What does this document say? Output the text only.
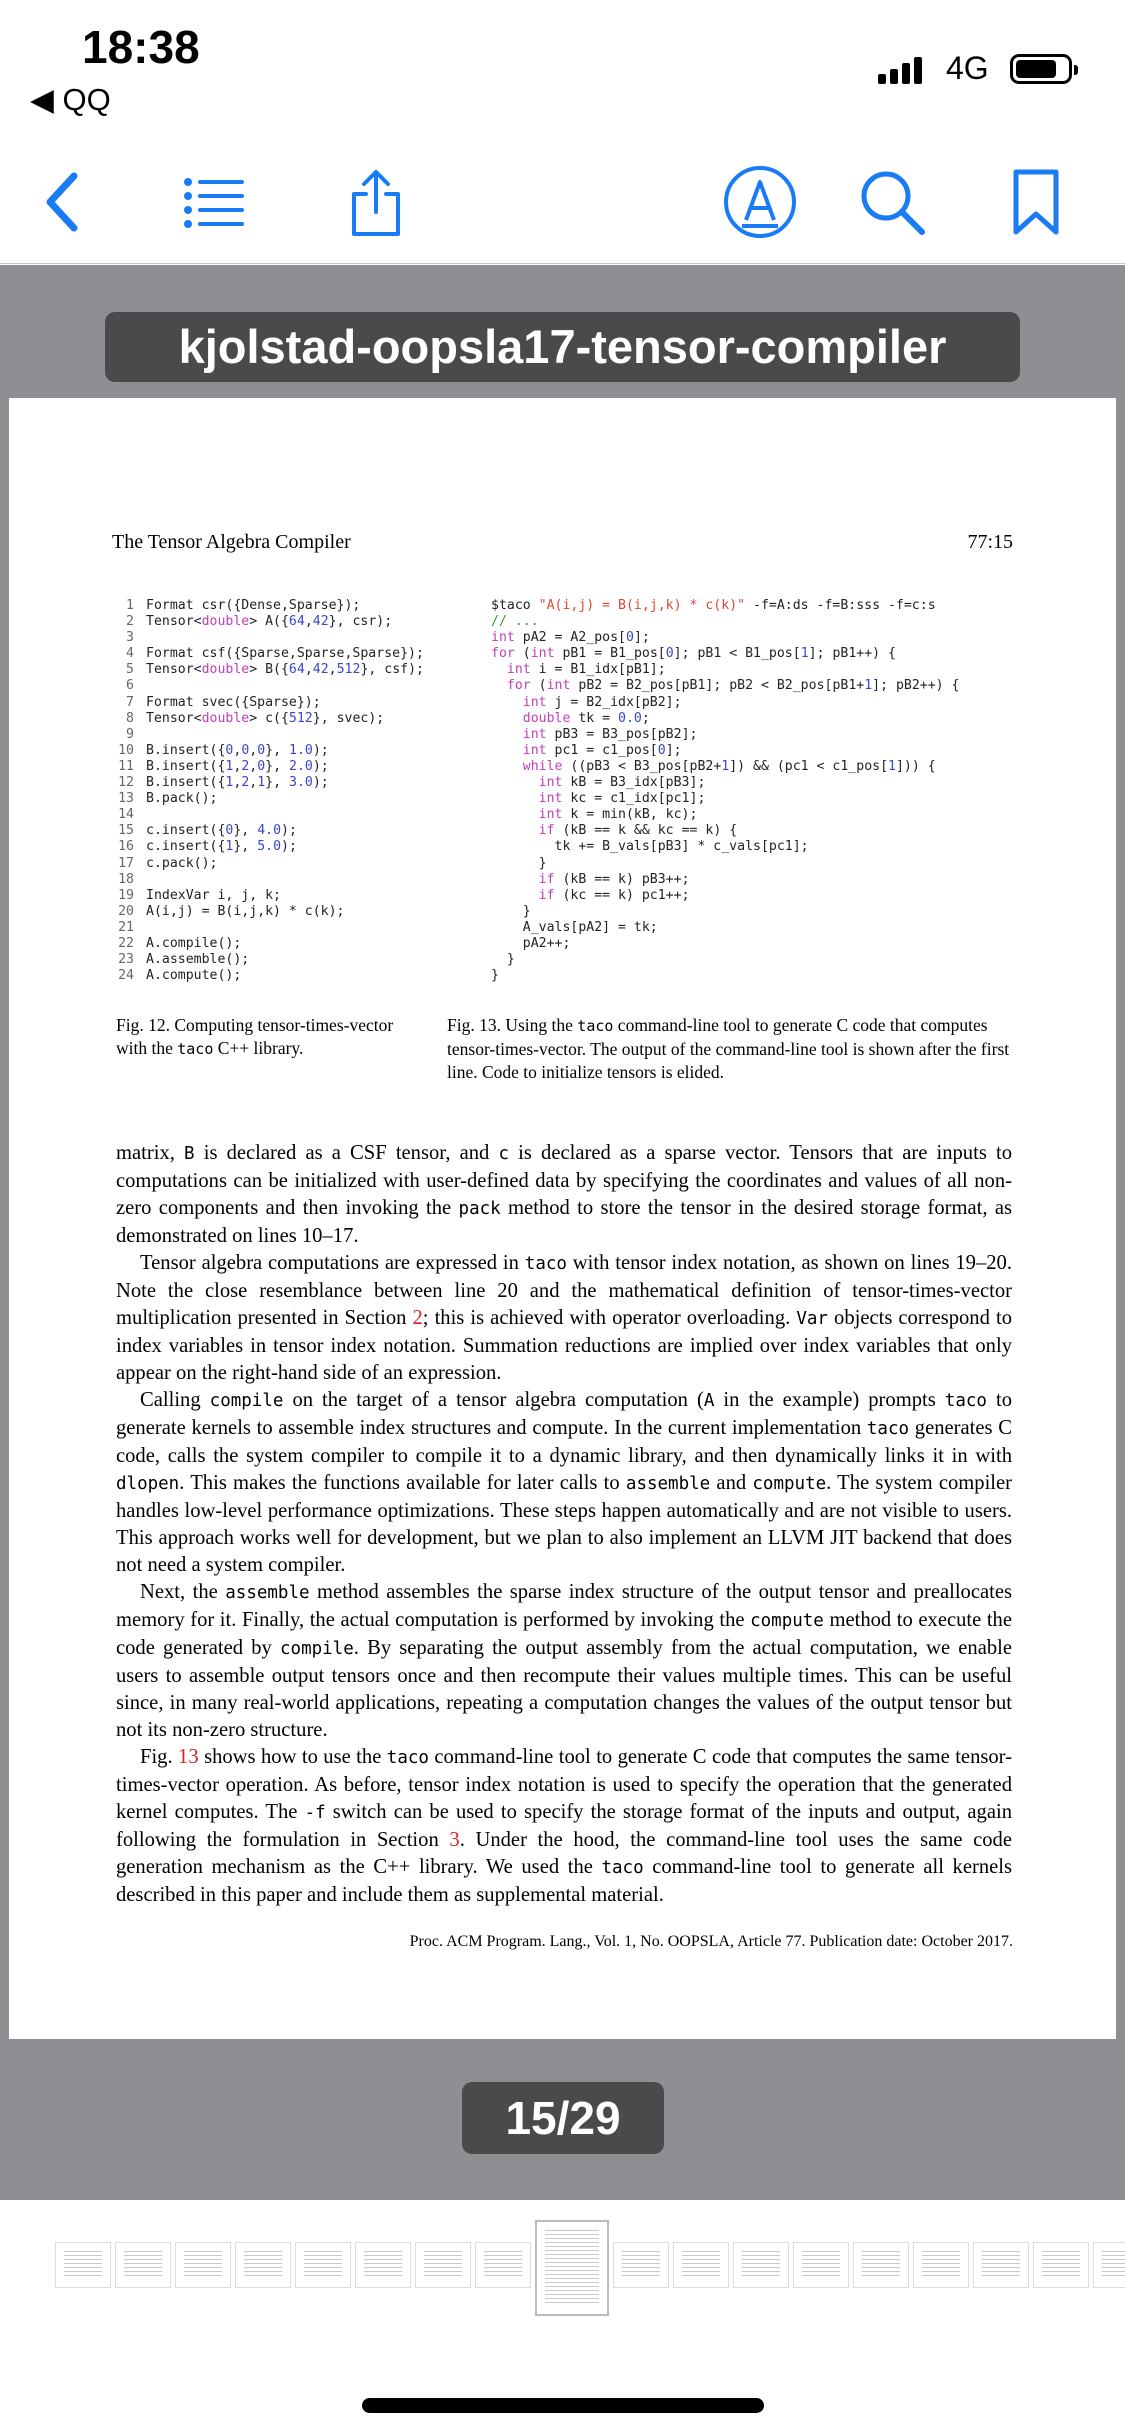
18:38
◀ QQ
4G
kjolstad-oopsla17-tensor-compiler
The Tensor Algebra Compiler	77:15
1 Format csr({Dense,Sparse});
2 Tensor<double> A({64,42}, csr);
3
4 Format csf({Sparse,Sparse,Sparse});
5 Tensor<double> B({64,42,512}, csf);
6
7 Format svec({Sparse});
8 Tensor<double> c({512}, svec);
9
10 B.insert({0,0,0}, 1.0);
11 B.insert({1,2,0}, 2.0);
12 B.insert({1,2,1}, 3.0);
13 B.pack();
14
15 c.insert({0}, 4.0);
16 c.insert({1}, 5.0);
17 c.pack();
18
19 IndexVar i, j, k;
20 A(i,j) = B(i,j,k) * c(k);
21
22 A.compile();
23 A.assemble();
24 A.compute();
$taco "A(i,j) = B(i,j,k) * c(k)" -f=A:ds -f=B:sss -f=c:s
// ...
int pA2 = A2_pos[0];
for (int pB1 = B1_pos[0]; pB1 < B1_pos[1]; pB1++) {
int i = B1_idx[pB1];
for (int pB2 = B2_pos[pB1]; pB2 < B2_pos[pB1+1]; pB2++) {
int j = B2_idx[pB2];
double tk = 0.0;
int pB3 = B3_pos[pB2];
int pc1 = c1_pos[0];
while ((pB3 < B3_pos[pB2+1]) && (pc1 < c1_pos[1])) {
int kB = B3_idx[pB3];
int kc = c1_idx[pc1];
int k = min(kB, kc);
if (kB == k && kc == k) {
tk += B_vals[pB3] * c_vals[pc1];
}
if (kB == k) pB3++;
if (kc == k) pc1++;
}
A_vals[pA2] = tk;
pA2++;
}
}
Fig. 12. Computing tensor-times-vector with the taco C++ library.
Fig. 13. Using the taco command-line tool to generate C code that computes tensor-times-vector. The output of the command-line tool is shown after the first line. Code to initialize tensors is elided.

matrix, B is declared as a CSF tensor, and c is declared as a sparse vector. Tensors that are inputs to computations can be initialized with user-defined data by specifying the coordinates and values of all non-zero components and then invoking the pack method to store the tensor in the desired storage format, as demonstrated on lines 10–17.

Tensor algebra computations are expressed in taco with tensor index notation, as shown on lines 19–20. Note the close resemblance between line 20 and the mathematical definition of tensor-times-vector multiplication presented in Section 2; this is achieved with operator overloading. Var objects correspond to index variables in tensor index notation. Summation reductions are implied over index variables that only appear on the right-hand side of an expression.

Calling compile on the target of a tensor algebra computation (A in the example) prompts taco to generate kernels to assemble index structures and compute. In the current implementation taco generates C code, calls the system compiler to compile it to a dynamic library, and then dynamically links it in with dlopen. This makes the functions available for later calls to assemble and compute. The system compiler handles low-level performance optimizations. These steps happen automatically and are not visible to users. This approach works well for development, but we plan to also implement an LLVM JIT backend that does not need a system compiler.

Next, the assemble method assembles the sparse index structure of the output tensor and preallocates memory for it. Finally, the actual computation is performed by invoking the compute method to execute the code generated by compile. By separating the output assembly from the actual computation, we enable users to assemble output tensors once and then recompute their values multiple times. This can be useful since, in many real-world applications, repeating a computation changes the values of the output tensor but not its non-zero structure.

Fig. 13 shows how to use the taco command-line tool to generate C code that computes the same tensor-times-vector operation. As before, tensor index notation is used to specify the operation that the generated kernel computes. The -f switch can be used to specify the storage format of the inputs and output, again following the formulation in Section 3. Under the hood, the command-line tool uses the same code generation mechanism as the C++ library. We used the taco command-line tool to generate all kernels described in this paper and include them as supplemental material.

Proc. ACM Program. Lang., Vol. 1, No. OOPSLA, Article 77. Publication date: October 2017.
15/29
